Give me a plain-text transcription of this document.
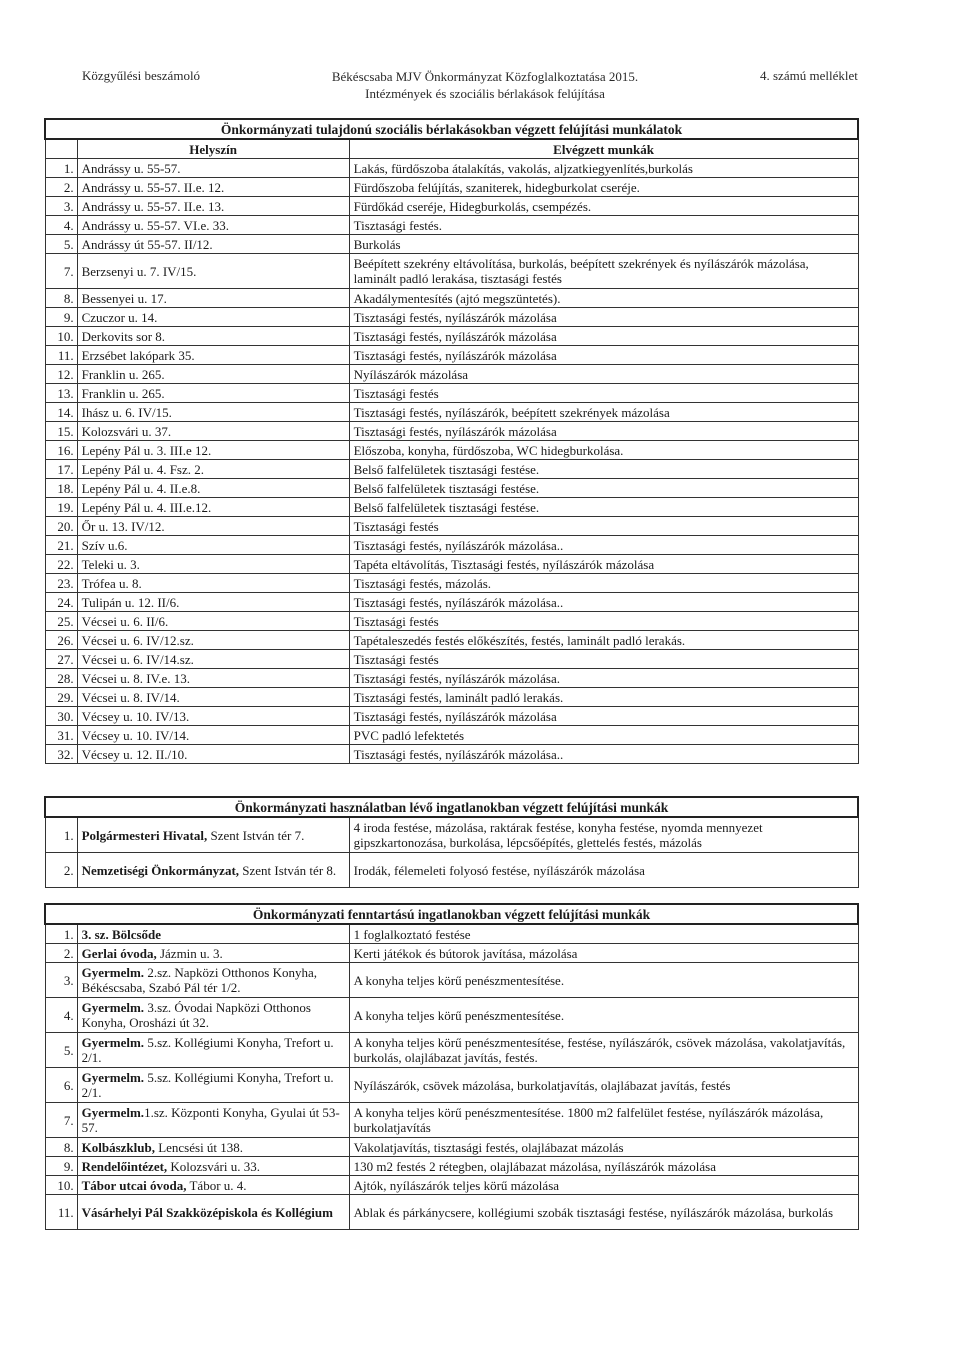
Közgyűlési beszámoló	Békéscsaba MJV Önkormányzat Közfoglalkoztatása 2015.
Intézmények és szociális bérlakások felújítása
4. számú melléklet
Önkormányzati tulajdonú szociális bérlakásokban végzett felújítási munkálatok		
	Helyszín	Elvégzett munkák
1.	Andrássy u. 55-57.	Lakás, fürdőszoba átalakítás, vakolás, aljzatkiegyenlítés,burkolás
2.	Andrássy u. 55-57. II.e. 12.	Fürdőszoba felújítás, szaniterek, hidegburkolat cseréje.
3.	Andrássy u. 55-57. II.e. 13.	Fürdőkád cseréje, Hidegburkolás, csempézés.
4.	Andrássy u. 55-57. VI.e. 33.	Tisztasági festés.
5.	Andrássy út 55-57. II/12.	Burkolás
7.	Berzsenyi u. 7. IV/15.	Beépített szekrény eltávolítása, burkolás, beépített szekrények és nyílászárók mázolása, laminált padló lerakása, tisztasági festés
8.	Bessenyei u. 17.	Akadálymentesítés (ajtó megszüntetés).
9.	Czuczor u. 14.	Tisztasági festés, nyílászárók mázolása
10.	Derkovits sor 8.	Tisztasági festés, nyílászárók mázolása
11.	Erzsébet lakópark 35.	Tisztasági festés, nyílászárók mázolása
12.	Franklin u. 265.	Nyílászárók mázolása
13.	Franklin u. 265.	Tisztasági festés
14.	Ihász u. 6. IV/15.	Tisztasági festés, nyílászárók, beépített szekrények mázolása
15.	Kolozsvári u. 37.	Tisztasági festés, nyílászárók mázolása
16.	Lepény Pál u. 3. III.e 12.	Előszoba, konyha, fürdőszoba, WC hidegburkolása.
17.	Lepény Pál u. 4. Fsz. 2.	Belső falfelületek tisztasági festése.
18.	Lepény Pál u. 4. II.e.8.	Belső falfelületek tisztasági festése.
19.	Lepény Pál u. 4. III.e.12.	Belső falfelületek tisztasági festése.
20.	Őr u. 13. IV/12.	Tisztasági festés
21.	Szív u.6.	Tisztasági festés, nyílászárók mázolása..
22.	Teleki u. 3.	Tapéta eltávolítás, Tisztasági festés, nyílászárók mázolása
23.	Trófea u. 8.	Tisztasági festés, mázolás.
24.	Tulipán u. 12. II/6.	Tisztasági festés, nyílászárók mázolása..
25.	Vécsei u. 6. II/6.	Tisztasági festés
26.	Vécsei u. 6. IV/12.sz.	Tapétaleszedés festés előkészítés, festés, laminált padló lerakás.
27.	Vécsei u. 6. IV/14.sz.	Tisztasági festés
28.	Vécsei u. 8. IV.e. 13.	Tisztasági festés, nyílászárók mázolása.
29.	Vécsei u. 8. IV/14.	Tisztasági festés, laminált padló lerakás.
30.	Vécsey u. 10. IV/13.	Tisztasági festés, nyílászárók mázolása
31.	Vécsey u. 10. IV/14.	PVC padló lefektetés
32.	Vécsey u. 12. II./10.	Tisztasági festés, nyílászárók mázolása..
Önkormányzati használatban lévő ingatlanokban végzett felújítási munkák		
1.	Polgármesteri Hivatal, Szent István tér 7.	4 iroda festése, mázolása, raktárak festése, konyha festése, nyomda mennyezet gipszkartonozása, burkolása, lépcsőépítés, glettelés festés, mázolás
2.	Nemzetiségi Önkormányzat, Szent István tér 8.	Irodák, félemeleti folyosó festése, nyílászárók mázolása
Önkormányzati fenntartású ingatlanokban végzett felújítási munkák		
1.	3. sz. Bölcsőde	1 foglalkoztató festése
2.	Gerlai óvoda, Jázmin u. 3.	Kerti játékok és bútorok javítása, mázolása
3.	Gyermelm. 2.sz. Napközi Otthonos Konyha, Békéscsaba, Szabó Pál tér 1/2.	A konyha teljes körű penészmentesítése.
4.	Gyermelm. 3.sz. Óvodai Napközi Otthonos Konyha, Orosházi út 32.	A konyha teljes körű penészmentesítése.
5.	Gyermelm. 5.sz. Kollégiumi Konyha, Trefort u. 2/1.	A konyha teljes körű penészmentesítése, festése, nyílászárók, csövek mázolása, vakolatjavítás, burkolás, olajlábazat javítás, festés.
6.	Gyermelm. 5.sz. Kollégiumi Konyha, Trefort u. 2/1.	Nyílászárók, csövek mázolása, burkolatjavítás, olajlábazat javítás, festés
7.	Gyermelm.1.sz. Központi Konyha, Gyulai út 53-57.	A konyha teljes körű penészmentesítése. 1800 m2 falfelület festése, nyílászárók mázolása, burkolatjavítás
8.	Kolbászklub, Lencsési út 138.	Vakolatjavítás, tisztasági festés, olajlábazat mázolás
9.	Rendelőintézet, Kolozsvári u. 33.	130 m2 festés 2 rétegben, olajlábazat mázolása, nyílászárók mázolása
10.	Tábor utcai óvoda, Tábor u. 4.	Ajtók, nyílászárók teljes körű mázolása
11.	Vásárhelyi Pál Szakközépiskola és Kollégium	Ablak és párkánycsere, kollégiumi szobák tisztasági festése, nyílászárók mázolása, burkolás
